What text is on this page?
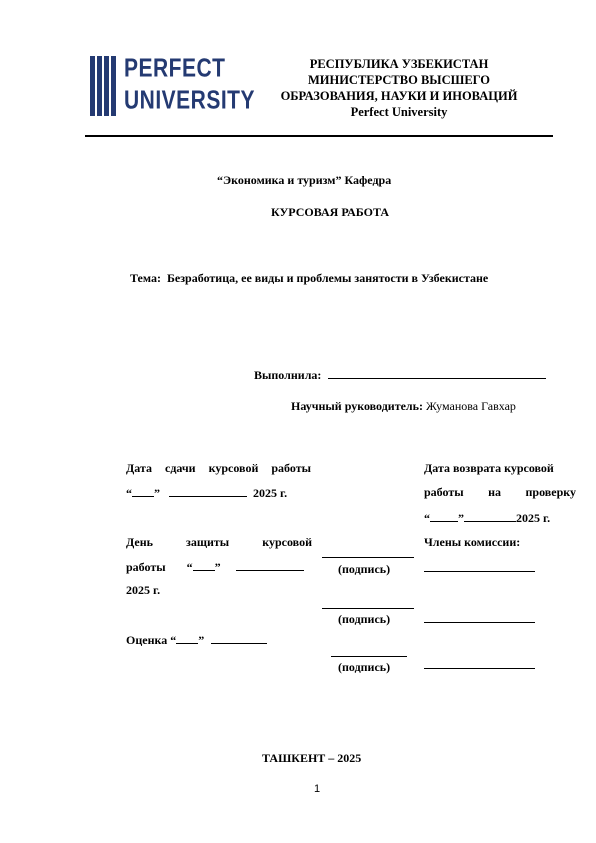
PERFECT
UNIVERSITY
РЕСПУБЛИКА УЗБЕКИСТАН
МИНИСТЕРСТВО ВЫСШЕГО
ОБРАЗОВАНИЯ, НАУКИ И ИНОВАЦИЙ
Perfect University
“Экономика и туризм” Кафедра
КУРСОВАЯ РАБОТА
Тема: Безработица, ее виды и проблемы занятости в Узбекистане
Выполнила:
Научный руководитель: Жуманова Гавхар
Дата сдачи курсовой работы
“ ”	2025 г.
День	защиты	курсовой
работы “ ”
2025 г.
Оценка “ ”
(подпись)
(подпись)
(подпись)
Дата возврата курсовой
работы на проверку
“ ”	2025 г.
Члены комиссии:
ТАШКЕНТ – 2025
1
